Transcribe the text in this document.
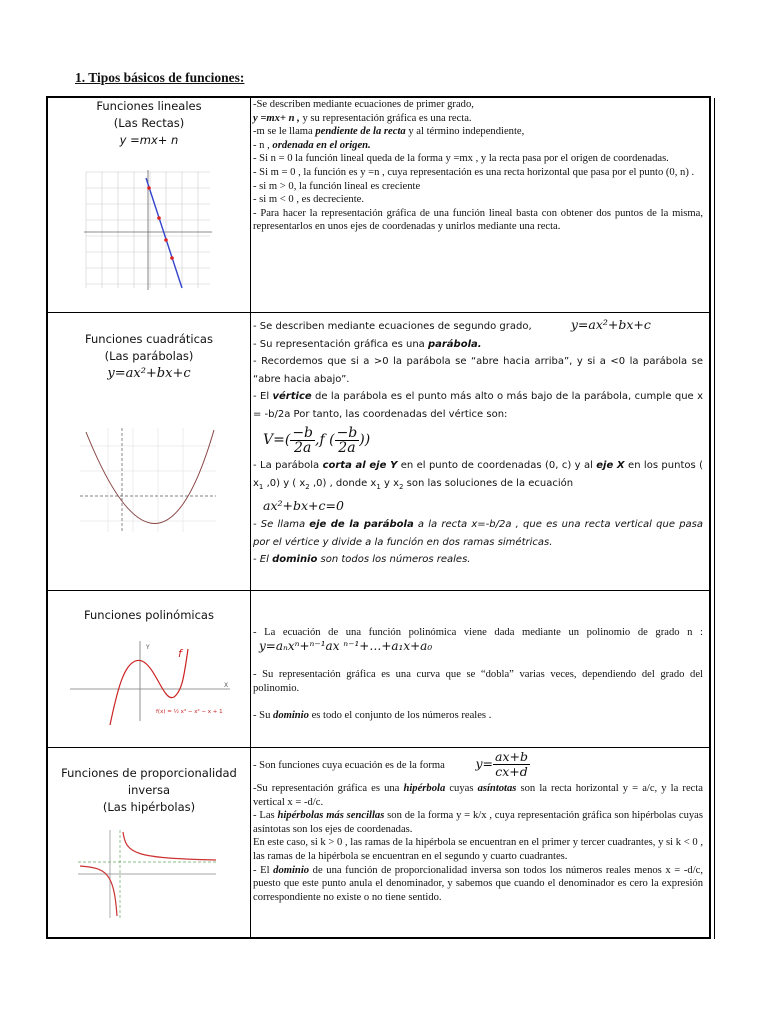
1. Tipos básicos de funciones:
Funciones lineales
(Las Rectas)
y =mx+ n

-Se describen mediante ecuaciones de primer grado,

y =mx+ n , y su representación gráfica es una recta.

-m se le llama pendiente de la recta y al término independiente,

- n , ordenada en el origen.

- Si n = 0 la función lineal queda de la forma y =mx , y la recta pasa por el origen de coordenadas.

- Si m = 0 , la función es y =n , cuya representación es una recta horizontal que pasa por el punto (0, n) .

- si m > 0, la función lineal es creciente

- si m < 0 , es decreciente.

- Para hacer la representación gráfica de una función lineal basta con obtener dos puntos de la misma, representarlos en unos ejes de coordenadas y unirlos mediante una recta.

Funciones cuadráticas
(Las parábolas)
y=ax²+bx+c

- Se describen mediante ecuaciones de segundo grado,	y=ax²+bx+c

- Su representación gráfica es una parábola.

- Recordemos que si a >0 la parábola se “abre hacia arriba”, y si a <0 la parábola se “abre hacia abajo”.

- El vértice de la parábola es el punto más alto o más bajo de la parábola, cumple que x = -b/2a Por tanto, las coordenadas del vértice son:

$V=( \frac{-b}{2a} ,f$ ( $\frac{-b}{2a}$ ))

- La parábola corta al eje Y en el punto de coordenadas (0, c) y al eje X en los puntos ( $x_1$ ,0) y ( $x_2$ ,0) , donde $x_1$ y $x_2$ son las soluciones de la ecuación

ax²+bx+c=0

- Se llama eje de la parábola a la recta x=-b/2a , que es una recta vertical que pasa por el vértice y divide a la función en dos ramas simétricas.

- El dominio son todos los números reales.

Funciones polinómicas
Y
X
f
f(x) = ½ x³ − x² − x + 1

- La ecuación de una función polinómica viene dada mediante un polinomio de grado n : y=aₙxⁿ+ⁿ⁻¹ax ⁿ⁻¹+…+a₁x+a₀

- Su representación gráfica es una curva que se “dobla” varias veces, dependiendo del grado del polinomio.

- Su dominio es todo el conjunto de los números reales .

Funciones de proporcionalidad
inversa
(Las hipérbolas)

- Son funciones cuya ecuación es de la forma $y= \frac{ax+b}{cx+d}$

-Su representación gráfica es una hipérbola cuyas asíntotas son la recta horizontal y = a/c, y la recta vertical x = -d/c.

- Las hipérbolas más sencillas son de la forma y = k/x , cuya representación gráfica son hipérbolas cuyas asíntotas son los ejes de coordenadas.

En este caso, si k > 0 , las ramas de la hipérbola se encuentran en el primer y tercer cuadrantes, y si k < 0 , las ramas de la hipérbola se encuentran en el segundo y cuarto cuadrantes.

- El dominio de una función de proporcionalidad inversa son todos los números reales menos x = -d/c, puesto que este punto anula el denominador, y sabemos que cuando el denominador es cero la expresión correspondiente no existe o no tiene sentido.
